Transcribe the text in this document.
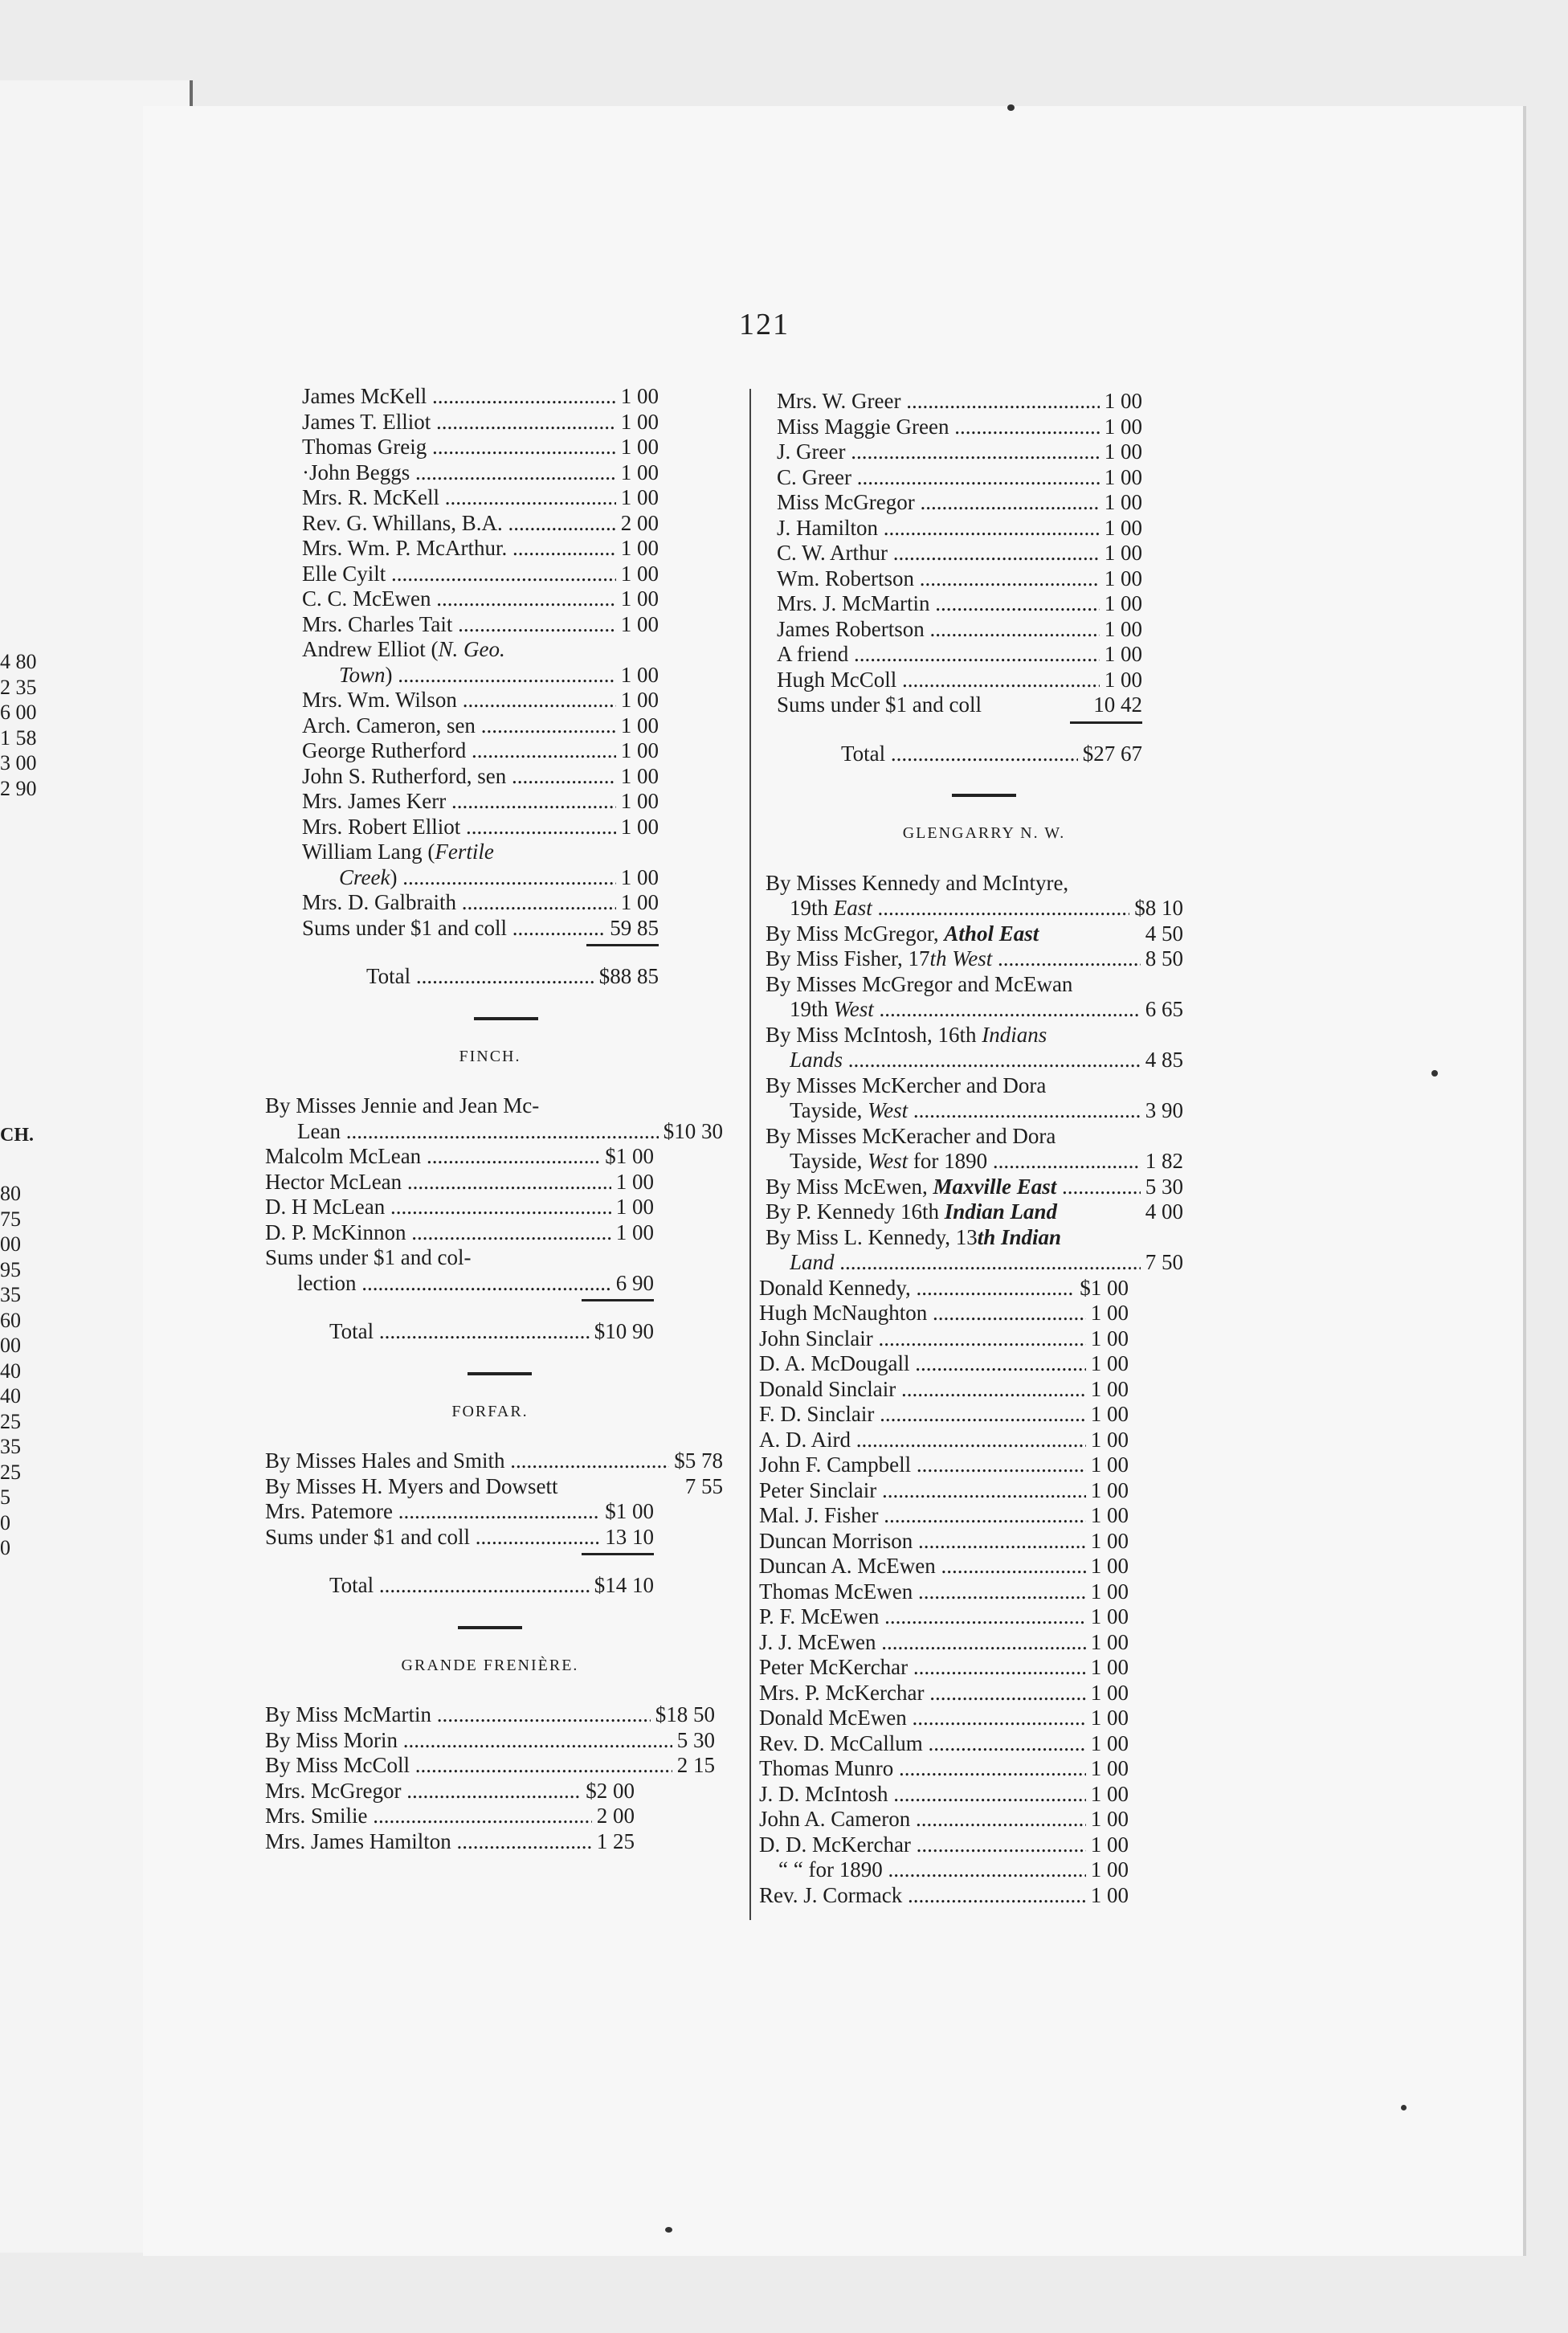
4 80
2 35
6 00
1 58
3 00
2 90
CH.
80
75
00
95
35
60
00
40
40
25
35
25
5
0
0
121
James McKell .....	1 00
James T. Elliot .....	1 00
Thomas Greig .....	1 00
·John Beggs .....	1 00
Mrs. R. McKell .....	1 00
Rev. G. Whillans, B.A. .....	2 00
Mrs. Wm. P. McArthur. .....	1 00
Elle Cyilt .....	1 00
C. C. McEwen .....	1 00
Mrs. Charles Tait .....	1 00
Andrew Elliot (N. Geo.
Town) .....	1 00
Mrs. Wm. Wilson .....	1 00
Arch. Cameron, sen .....	1 00
George Rutherford .....	1 00
John S. Rutherford, sen .....	1 00
Mrs. James Kerr .....	1 00
Mrs. Robert Elliot .....	1 00
William Lang (Fertile
Creek) .....	1 00
Mrs. D. Galbraith .....	1 00
Sums under $1 and coll .....	59 85
Total .....	$88 85
FINCH.
By Misses Jennie and Jean Mc-
Lean .....	$10 30
Malcolm McLean .....	$1 00
Hector McLean .....	1 00
D. H McLean .....	1 00
D. P. McKinnon .....	1 00
Sums under $1 and col-
lection .....	6 90
Total .....	$10 90
FORFAR.
By Misses Hales and Smith .....	$5 78
By Misses H. Myers and Dowsett	7 55
Mrs. Patemore .....	$1 00
Sums under $1 and coll .....	13 10
Total .....	$14 10
GRANDE FRENIÈRE.
By Miss McMartin .....	$18 50
By Miss Morin .....	5 30
By Miss McColl .....	2 15
Mrs. McGregor .....	$2 00
Mrs. Smilie .....	2 00
Mrs. James Hamilton .....	1 25
Mrs. W. Greer .....	1 00
Miss Maggie Green .....	1 00
J. Greer .....	1 00
C. Greer .....	1 00
Miss McGregor .....	1 00
J. Hamilton .....	1 00
C. W. Arthur .....	1 00
Wm. Robertson .....	1 00
Mrs. J. McMartin .....	1 00
James Robertson .....	1 00
A friend .....	1 00
Hugh McColl .....	1 00
Sums under $1 and coll	10 42
Total .....	$27 67
GLENGARRY N. W.
By Misses Kennedy and McIntyre,
19th East .....	$8 10
By Miss McGregor, Athol East	4 50
By Miss Fisher, 17th West .....	8 50
By Misses McGregor and McEwan
19th West .....	6 65
By Miss McIntosh, 16th Indians
Lands .....	4 85
By Misses McKercher and Dora
Tayside, West .....	3 90
By Misses McKeracher and Dora
Tayside, West for 1890 .....	1 82
By Miss McEwen, Maxville East .....	5 30
By P. Kennedy 16th Indian Land	4 00
By Miss L. Kennedy, 13th Indian
Land .....	7 50
Donald Kennedy, .....	$1 00
Hugh McNaughton .....	1 00
John Sinclair .....	1 00
D. A. McDougall .....	1 00
Donald Sinclair .....	1 00
F. D. Sinclair .....	1 00
A. D. Aird .....	1 00
John F. Campbell .....	1 00
Peter Sinclair .....	1 00
Mal. J. Fisher .....	1 00
Duncan Morrison .....	1 00
Duncan A. McEwen .....	1 00
Thomas McEwen .....	1 00
P. F. McEwen .....	1 00
J. J. McEwen .....	1 00
Peter McKerchar .....	1 00
Mrs. P. McKerchar .....	1 00
Donald McEwen .....	1 00
Rev. D. McCallum .....	1 00
Thomas Munro .....	1 00
J. D. McIntosh .....	1 00
John A. Cameron .....	1 00
D. D. McKerchar .....	1 00
“ “ for 1890 .....	1 00
Rev. J. Cormack .....	1 00
